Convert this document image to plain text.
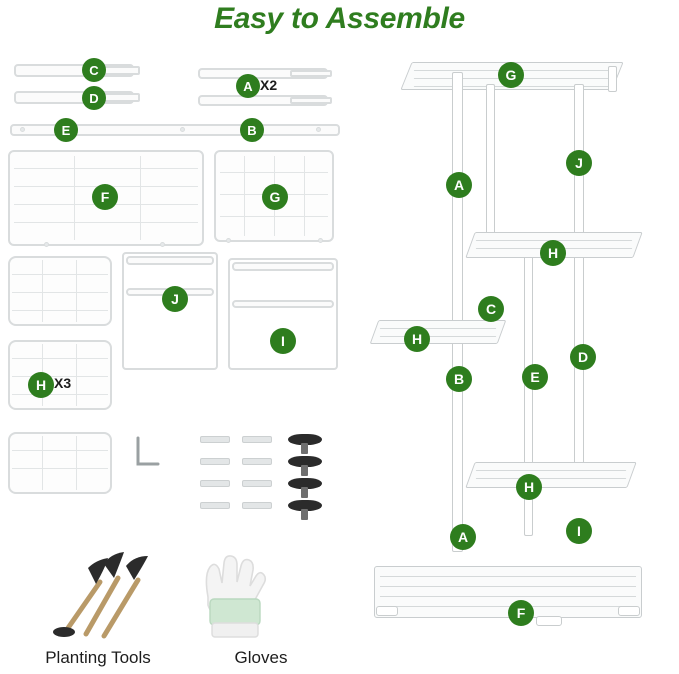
Easy to Assemble
C
D
E
A X2
B
F	G
J
I
H X3
Planting Tools	Gloves
G
J
A
H
C
H
D
E
B
H
I
A
F
